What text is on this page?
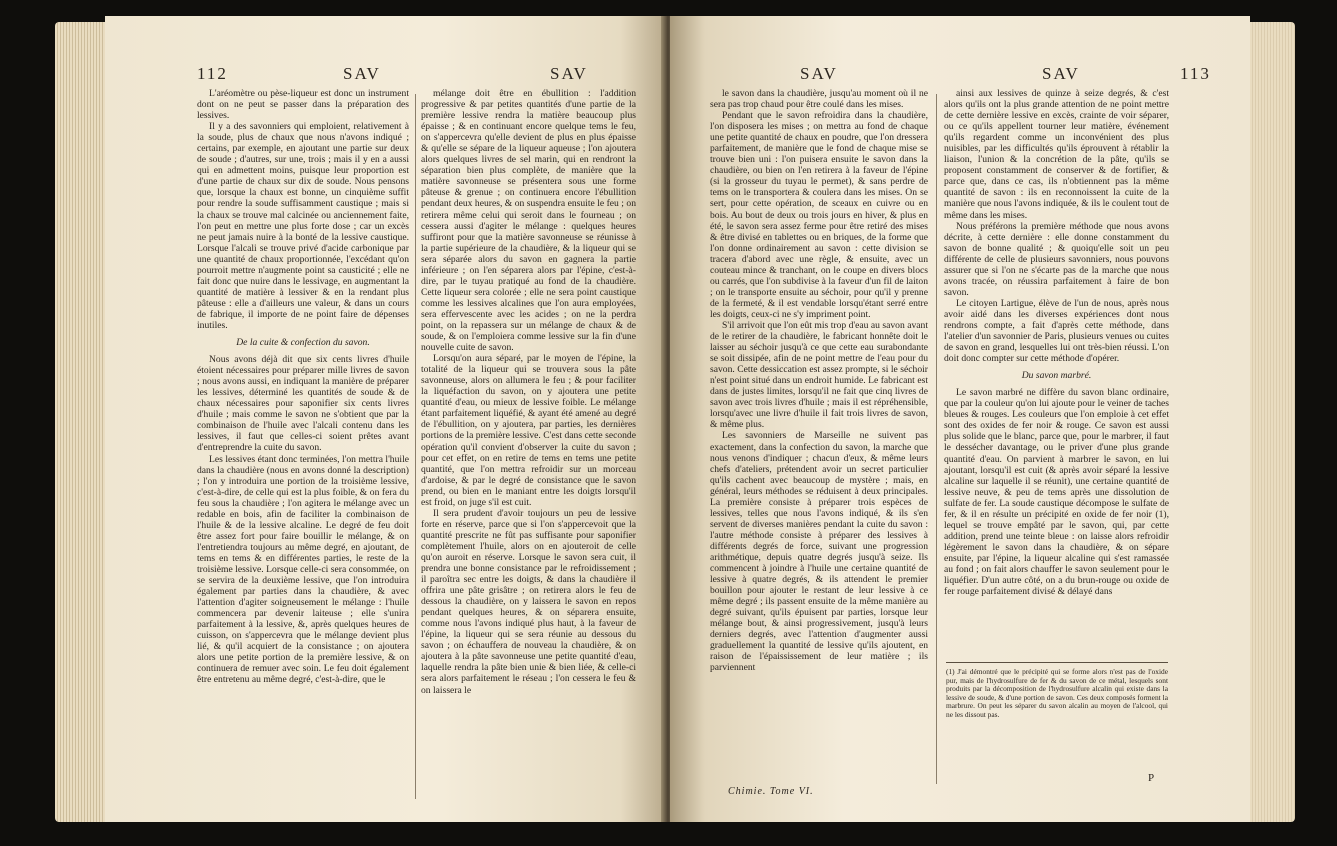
112	SAV	SAV

L'aréomètre ou pèse-liqueur est donc un instrument dont on ne peut se passer dans la préparation des lessives.

Il y a des savonniers qui emploient, relativement à la soude, plus de chaux que nous n'avons indiqué ; certains, par exemple, en ajoutant une partie sur deux de soude ; d'autres, sur une, trois ; mais il y en a aussi qui en admettent moins, puisque leur proportion est d'une partie de chaux sur dix de soude. Nous pensons que, lorsque la chaux est bonne, un cinquième suffit pour rendre la soude suffisamment caustique ; mais si la chaux se trouve mal calcinée ou anciennement faite, l'on peut en mettre une plus forte dose ; car un excès ne peut jamais nuire à la bonté de la lessive caustique. Lorsque l'alcali se trouve privé d'acide carbonique par une quantité de chaux proportionnée, l'excédant qu'on pourroit mettre n'augmente point sa causticité ; elle ne fait donc que nuire dans le lessivage, en augmentant la quantité de matière à lessiver & en la rendant plus pâteuse : elle a d'ailleurs une valeur, & dans un cours de fabrique, il importe de ne point faire de dépenses inutiles.

De la cuite & confection du savon.

Nous avons déjà dit que six cents livres d'huile étoient nécessaires pour préparer mille livres de savon ; nous avons aussi, en indiquant la manière de préparer les lessives, déterminé les quantités de soude & de chaux nécessaires pour saponifier six cents livres d'huile ; mais comme le savon ne s'obtient que par la combinaison de l'huile avec l'alcali contenu dans les lessives, il faut que celles-ci soient prêtes avant d'entreprendre la cuite du savon.

Les lessives étant donc terminées, l'on mettra l'huile dans la chaudière (nous en avons donné la description) ; l'on y introduira une portion de la troisième lessive, c'est-à-dire, de celle qui est la plus foible, & on fera du feu sous la chaudière ; l'on agitera le mélange avec un redable en bois, afin de faciliter la combinaison de l'huile & de la lessive alcaline. Le degré de feu doit être assez fort pour faire bouillir le mélange, & on l'entretiendra toujours au même degré, en ajoutant, de tems en tems & en différentes parties, le reste de la troisième lessive. Lorsque celle-ci sera consommée, on se servira de la deuxième lessive, que l'on introduira également par parties dans la chaudière, & avec l'attention d'agiter soigneusement le mélange : l'huile commencera par devenir laiteuse ; elle s'unira parfaitement à la lessive, &, après quelques heures de cuisson, on s'appercevra que le mélange devient plus lié, & qu'il acquiert de la consistance ; on ajoutera alors une petite portion de la première lessive, & on continuera de remuer avec soin. Le feu doit également être entretenu au même degré, c'est-à-dire, que le

mélange doit être en ébullition : l'addition progressive & par petites quantités d'une partie de la première lessive rendra la matière beaucoup plus épaisse ; & en continuant encore quelque tems le feu, on s'appercevra qu'elle devient de plus en plus épaisse & qu'elle se sépare de la liqueur aqueuse ; l'on ajoutera alors quelques livres de sel marin, qui en rendront la séparation bien plus complète, de manière que la matière savonneuse se présentera sous une forme pâteuse & grenue ; on continuera encore l'ébullition pendant deux heures, & on suspendra ensuite le feu ; on retirera même celui qui seroit dans le fourneau ; on cessera aussi d'agiter le mélange : quelques heures suffiront pour que la matière savonneuse se réunisse à la partie supérieure de la chaudière, & la liqueur qui se sera séparée alors du savon en gagnera la partie inférieure ; on l'en séparera alors par l'épine, c'est-à-dire, par le tuyau pratiqué au fond de la chaudière. Cette liqueur sera colorée ; elle ne sera point caustique comme les lessives alcalines que l'on aura employées, sera effervescente avec les acides ; on ne la perdra point, on la repassera sur un mélange de chaux & de soude, & on l'emploiera comme lessive sur la fin d'une nouvelle cuite de savon.

Lorsqu'on aura séparé, par le moyen de l'épine, la totalité de la liqueur qui se trouvera sous la pâte savonneuse, alors on allumera le feu ; & pour faciliter la liquéfaction du savon, on y ajoutera une petite quantité d'eau, ou mieux de lessive foible. Le mélange étant parfaitement liquéfié, & ayant été amené au degré de l'ébullition, on y ajoutera, par parties, les dernières portions de la première lessive. C'est dans cette seconde opération qu'il convient d'observer la cuite du savon ; pour cet effet, on en retire de tems en tems une petite quantité, que l'on mettra refroidir sur un morceau d'ardoise, & par le degré de consistance que le savon prend, ou bien en le maniant entre les doigts lorsqu'il est froid, on juge s'il est cuit.

Il sera prudent d'avoir toujours un peu de lessive forte en réserve, parce que si l'on s'appercevoit que la quantité prescrite ne fût pas suffisante pour saponifier complètement l'huile, alors on en ajouteroit de celle qu'on auroit en réserve. Lorsque le savon sera cuit, il prendra une bonne consistance par le refroidissement ; il paroîtra sec entre les doigts, & dans la chaudière il offrira une pâte grisâtre ; on retirera alors le feu de dessous la chaudière, on y laissera le savon en repos pendant quelques heures, & on séparera ensuite, comme nous l'avons indiqué plus haut, à la faveur de l'épine, la liqueur qui se sera réunie au dessous du savon ; on échauffera de nouveau la chaudière, & on ajoutera à la pâte savonneuse une petite quantité d'eau, laquelle rendra la pâte bien unie & bien liée, & celle-ci sera alors parfaitement le réseau ; l'on cessera le feu & on laissera le

SAV	SAV	113

le savon dans la chaudière, jusqu'au moment où il ne sera pas trop chaud pour être coulé dans les mises.

Pendant que le savon refroidira dans la chaudière, l'on disposera les mises ; on mettra au fond de chaque une petite quantité de chaux en poudre, que l'on dressera parfaitement, de manière que le fond de chaque mise se trouve bien uni : l'on puisera ensuite le savon dans la chaudière, ou bien on l'en retirera à la faveur de l'épine (si la grosseur du tuyau le permet), & sans perdre de tems on le transportera & coulera dans les mises. On se sert, pour cette opération, de sceaux en cuivre ou en bois. Au bout de deux ou trois jours en hiver, & plus en été, le savon sera assez ferme pour être retiré des mises & être divisé en tablettes ou en briques, de la forme que l'on donne ordinairement au savon : cette division se tracera d'abord avec une règle, & ensuite, avec un couteau mince & tranchant, on le coupe en divers blocs ou carrés, que l'on subdivise à la faveur d'un fil de laiton ; on le transporte ensuite au séchoir, pour qu'il y prenne de la fermeté, & il est vendable lorsqu'étant serré entre les doigts, ceux-ci ne s'y impriment point.

S'il arrivoit que l'on eût mis trop d'eau au savon avant de le retirer de la chaudière, le fabricant honnête doit le laisser au séchoir jusqu'à ce que cette eau surabondante se soit dissipée, afin de ne point mettre de l'eau pour du savon. Cette dessiccation est assez prompte, si le séchoir n'est point situé dans un endroit humide. Le fabricant est dans de justes limites, lorsqu'il ne fait que cinq livres de savon avec trois livres d'huile ; mais il est répréhensible, lorsqu'avec une livre d'huile il fait trois livres de savon, & même plus.

Les savonniers de Marseille ne suivent pas exactement, dans la confection du savon, la marche que nous venons d'indiquer ; chacun d'eux, & même leurs chefs d'ateliers, prétendent avoir un secret particulier qu'ils cachent avec beaucoup de mystère ; mais, en général, leurs méthodes se réduisent à deux principales. La première consiste à préparer trois espèces de lessives, telles que nous l'avons indiqué, & ils s'en servent de diverses manières pendant la cuite du savon : l'autre méthode consiste à préparer des lessives à différents degrés de force, suivant une progression arithmétique, depuis quatre degrés jusqu'à seize. Ils commencent à joindre à l'huile une certaine quantité de lessive à quatre degrés, & ils attendent le premier bouillon pour ajouter le restant de leur lessive à ce même degré ; ils passent ensuite de la même manière au degré suivant, qu'ils épuisent par parties, lorsque leur mélange bout, & ainsi progressivement, jusqu'à leurs derniers degrés, avec l'attention d'augmenter aussi graduellement la quantité de lessive qu'ils ajoutent, en raison de l'épaississement de leur matière ; ils parviennent

Chimie. Tome VI.

ainsi aux lessives de quinze à seize degrés, & c'est alors qu'ils ont la plus grande attention de ne point mettre de cette dernière lessive en excès, crainte de voir séparer, ou ce qu'ils appellent tourner leur matière, événement qu'ils regardent comme un inconvénient des plus nuisibles, par les difficultés qu'ils éprouvent à rétablir la liaison, l'union & la concrétion de la pâte, qu'ils se proposent constamment de conserver & de fortifier, & parce que, dans ce cas, ils n'obtiennent pas la même quantité de savon : ils en reconnoissent la cuite de la manière que nous l'avons indiquée, & ils le coulent tout de même dans les mises.

Nous préférons la première méthode que nous avons décrite, à cette dernière : elle donne constamment du savon de bonne qualité ; & quoiqu'elle soit un peu différente de celle de plusieurs savonniers, nous pouvons assurer que si l'on ne s'écarte pas de la marche que nous avons tracée, on réussira parfaitement à faire de bon savon.

Le citoyen Lartigue, élève de l'un de nous, après nous avoir aidé dans les diverses expériences dont nous rendrons compte, a fait d'après cette méthode, dans l'atelier d'un savonnier de Paris, plusieurs venues ou cuites de savon en grand, lesquelles lui ont très-bien réussi. L'on doit donc compter sur cette méthode d'opérer.

Du savon marbré.

Le savon marbré ne diffère du savon blanc ordinaire, que par la couleur qu'on lui ajoute pour le veiner de taches bleues & rouges. Les couleurs que l'on emploie à cet effet sont des oxides de fer noir & rouge. Ce savon est aussi plus solide que le blanc, parce que, pour le marbrer, il faut le dessécher davantage, ou le priver d'une plus grande quantité d'eau. On parvient à marbrer le savon, en lui ajoutant, lorsqu'il est cuit (& après avoir séparé la lessive alcaline sur laquelle il se réunit), une certaine quantité de lessive neuve, & peu de tems après une dissolution de sulfate de fer. La soude caustique décompose le sulfate de fer, & il en résulte un précipité en oxide de fer noir (1), lequel se trouve empâté par le savon, qui, par cette addition, prend une teinte bleue : on laisse alors refroidir légèrement le savon dans la chaudière, & on sépare ensuite, par l'épine, la liqueur alcaline qui s'est ramassée au fond ; on fait alors chauffer le savon seulement pour le liquéfier. D'un autre côté, on a du brun-rouge ou oxide de fer rouge parfaitement divisé & délayé dans

(1) J'ai démontré que le précipité qui se forme alors n'est pas de l'oxide pur, mais de l'hydrosulfure de fer & du savon de ce métal, lesquels sont produits par la décomposition de l'hydrosulfure alcalin qui existe dans la lessive de soude, & d'une portion de savon. Ces deux composés forment la marbrure. On peut les séparer du savon alcalin au moyen de l'alcool, qui ne les dissout pas.
P
